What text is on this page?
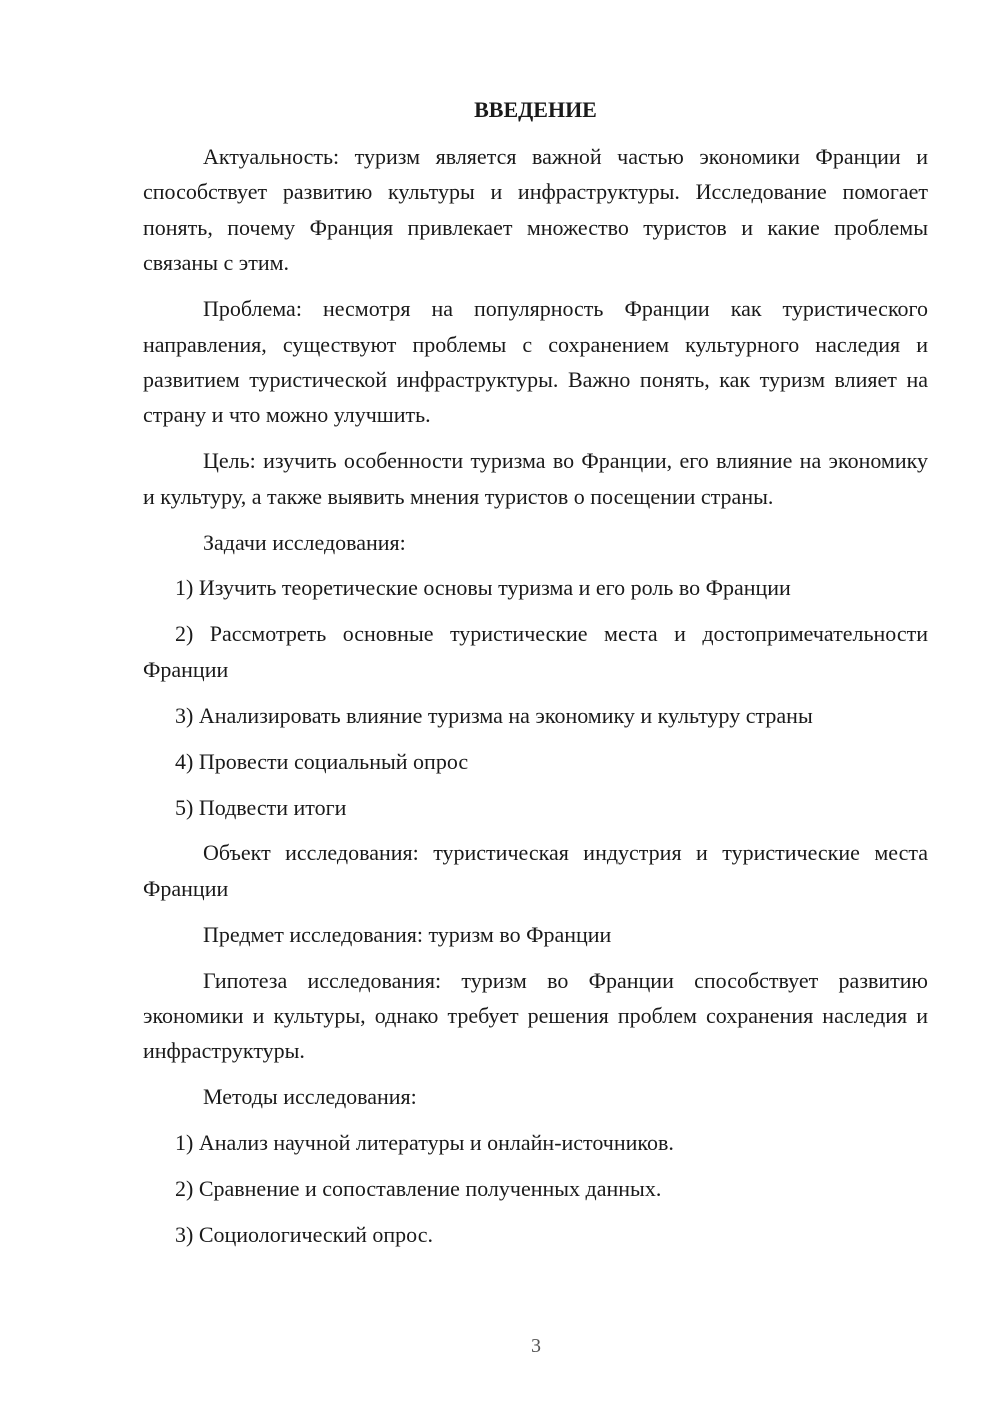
ВВЕДЕНИЕ

Актуальность: туризм является важной частью экономики Франции и способствует развитию культуры и инфраструктуры. Исследование помогает понять, почему Франция привлекает множество туристов и какие проблемы связаны с этим.

Проблема: несмотря на популярность Франции как туристического направления, существуют проблемы с сохранением культурного наследия и развитием туристической инфраструктуры. Важно понять, как туризм влияет на страну и что можно улучшить.

Цель: изучить особенности туризма во Франции, его влияние на экономику и культуру, а также выявить мнения туристов о посещении страны.

Задачи исследования:

1) Изучить теоретические основы туризма и его роль во Франции

2) Рассмотреть основные туристические места и достопримечательности Франции

3) Анализировать влияние туризма на экономику и культуру страны

4) Провести социальный опрос

5) Подвести итоги

Объект исследования: туристическая индустрия и туристические места Франции

Предмет исследования: туризм во Франции

Гипотеза исследования: туризм во Франции способствует развитию экономики и культуры, однако требует решения проблем сохранения наследия и инфраструктуры.

Методы исследования:

1) Анализ научной литературы и онлайн-источников.

2) Сравнение и сопоставление полученных данных.

3) Социологический опрос.

3
